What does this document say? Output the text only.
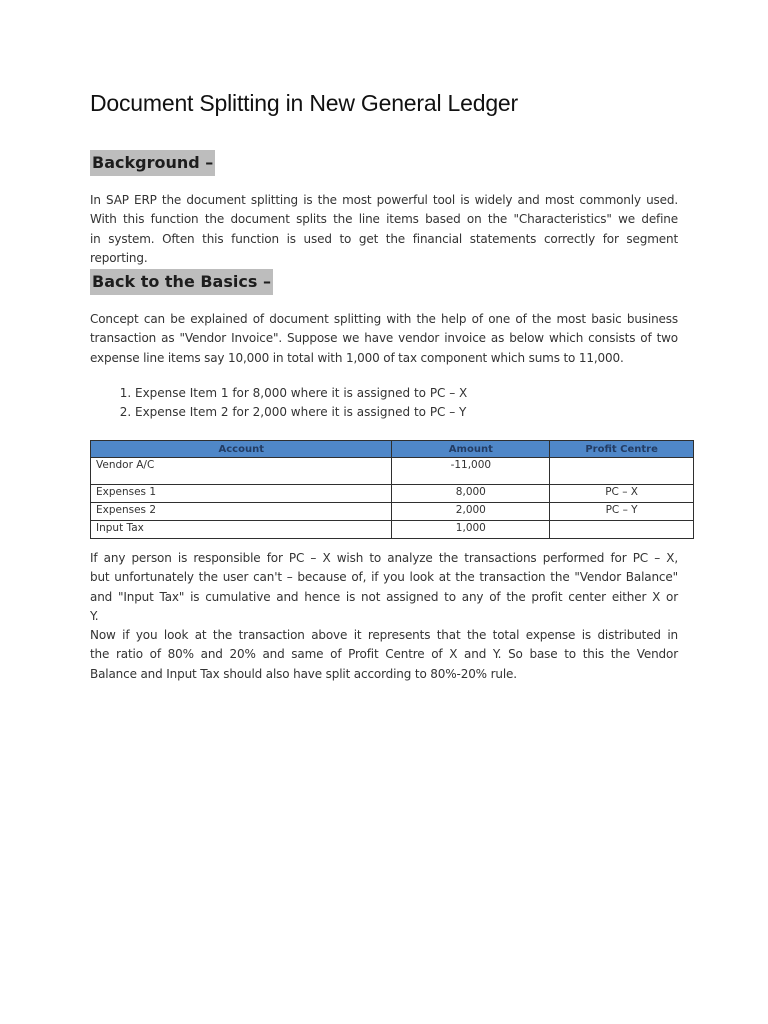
Document Splitting in New General Ledger
Background –
In SAP ERP the document splitting is the most powerful tool is widely and most commonly used.
With this function the document splits the line items based on the "Characteristics" we define
in system. Often this function is used to get the financial statements correctly for segment
reporting.
Back to the Basics –
Concept can be explained of document splitting with the help of one of the most basic business
transaction as "Vendor Invoice". Suppose we have vendor invoice as below which consists of two
expense line items say 10,000 in total with 1,000 of tax component which sums to 11,000.
1. Expense Item 1 for 8,000 where it is assigned to PC – X
2. Expense Item 2 for 2,000 where it is assigned to PC – Y
Account	Amount	Profit Centre
Vendor A/C	-11,000	
Expenses 1	8,000	PC – X
Expenses 2	2,000	PC – Y
Input Tax	1,000	
If any person is responsible for PC – X wish to analyze the transactions performed for PC – X,
but unfortunately the user can't – because of, if you look at the transaction the "Vendor Balance"
and "Input Tax" is cumulative and hence is not assigned to any of the profit center either X or
Y.
Now if you look at the transaction above it represents that the total expense is distributed in
the ratio of 80% and 20% and same of Profit Centre of X and Y. So base to this the Vendor
Balance and Input Tax should also have split according to 80%-20% rule.
